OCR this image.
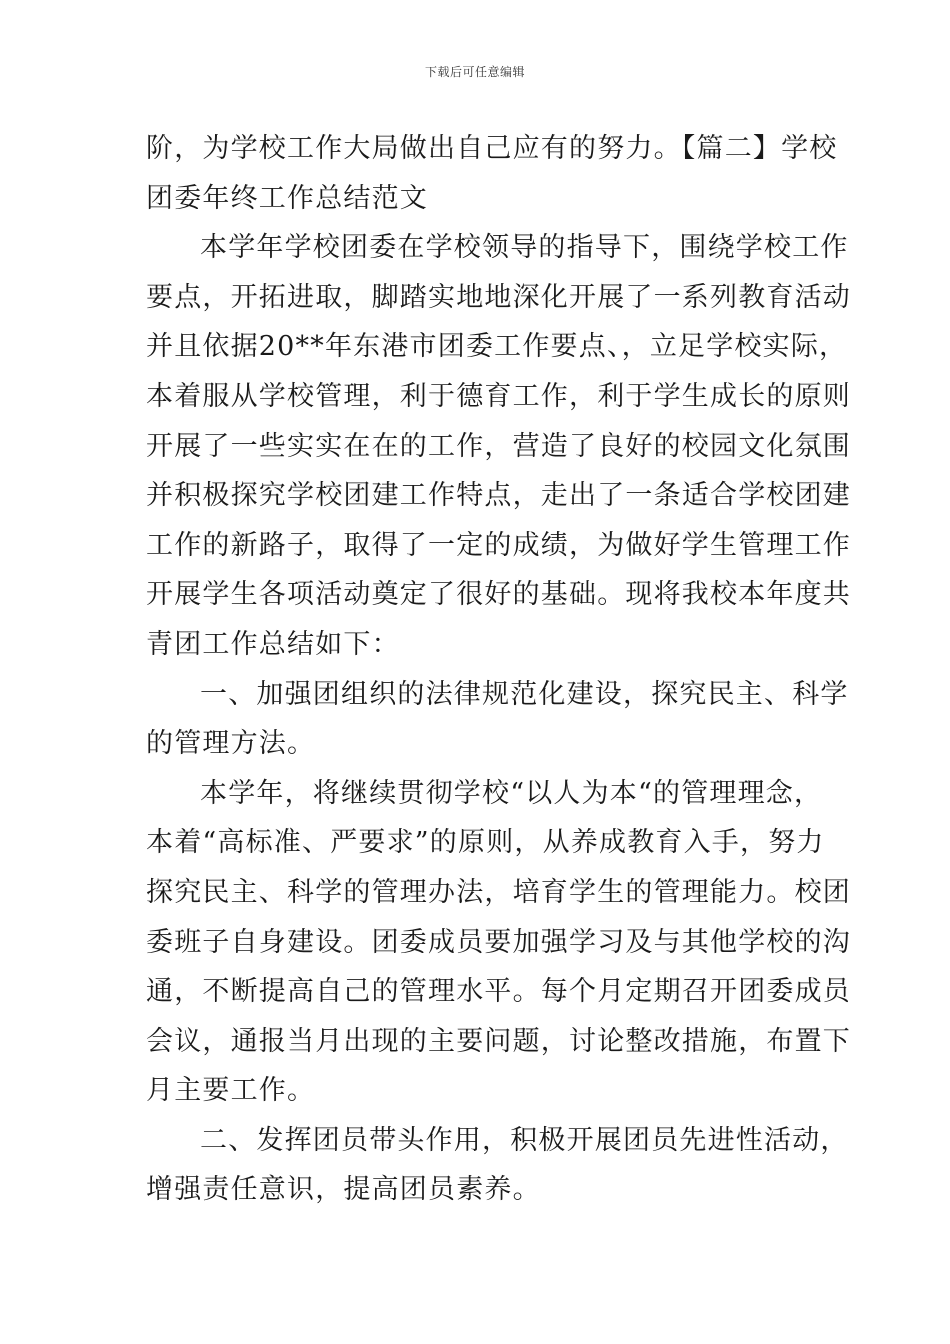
下载后可任意编辑
阶，为学校工作大局做出自己应有的努力。【篇二】学校
团委年终工作总结范文
本学年学校团委在学校领导的指导下，围绕学校工作
要点，开拓进取，脚踏实地地深化开展了一系列教育活动
并且依据20**年东港市团委工作要点、，立足学校实际，
本着服从学校管理，利于德育工作，利于学生成长的原则
开展了一些实实在在的工作，营造了良好的校园文化氛围
并积极探究学校团建工作特点，走出了一条适合学校团建
工作的新路子，取得了一定的成绩，为做好学生管理工作
开展学生各项活动奠定了很好的基础。现将我校本年度共
青团工作总结如下：
一、加强团组织的法律规范化建设，探究民主、科学
的管理方法。
本学年，将继续贯彻学校“以人为本“的管理理念，
本着“高标准、严要求”的原则，从养成教育入手，努力
探究民主、科学的管理办法，培育学生的管理能力。校团
委班子自身建设。团委成员要加强学习及与其他学校的沟
通，不断提高自己的管理水平。每个月定期召开团委成员
会议，通报当月出现的主要问题，讨论整改措施，布置下
月主要工作。
二、发挥团员带头作用，积极开展团员先进性活动，
增强责任意识，提高团员素养。
